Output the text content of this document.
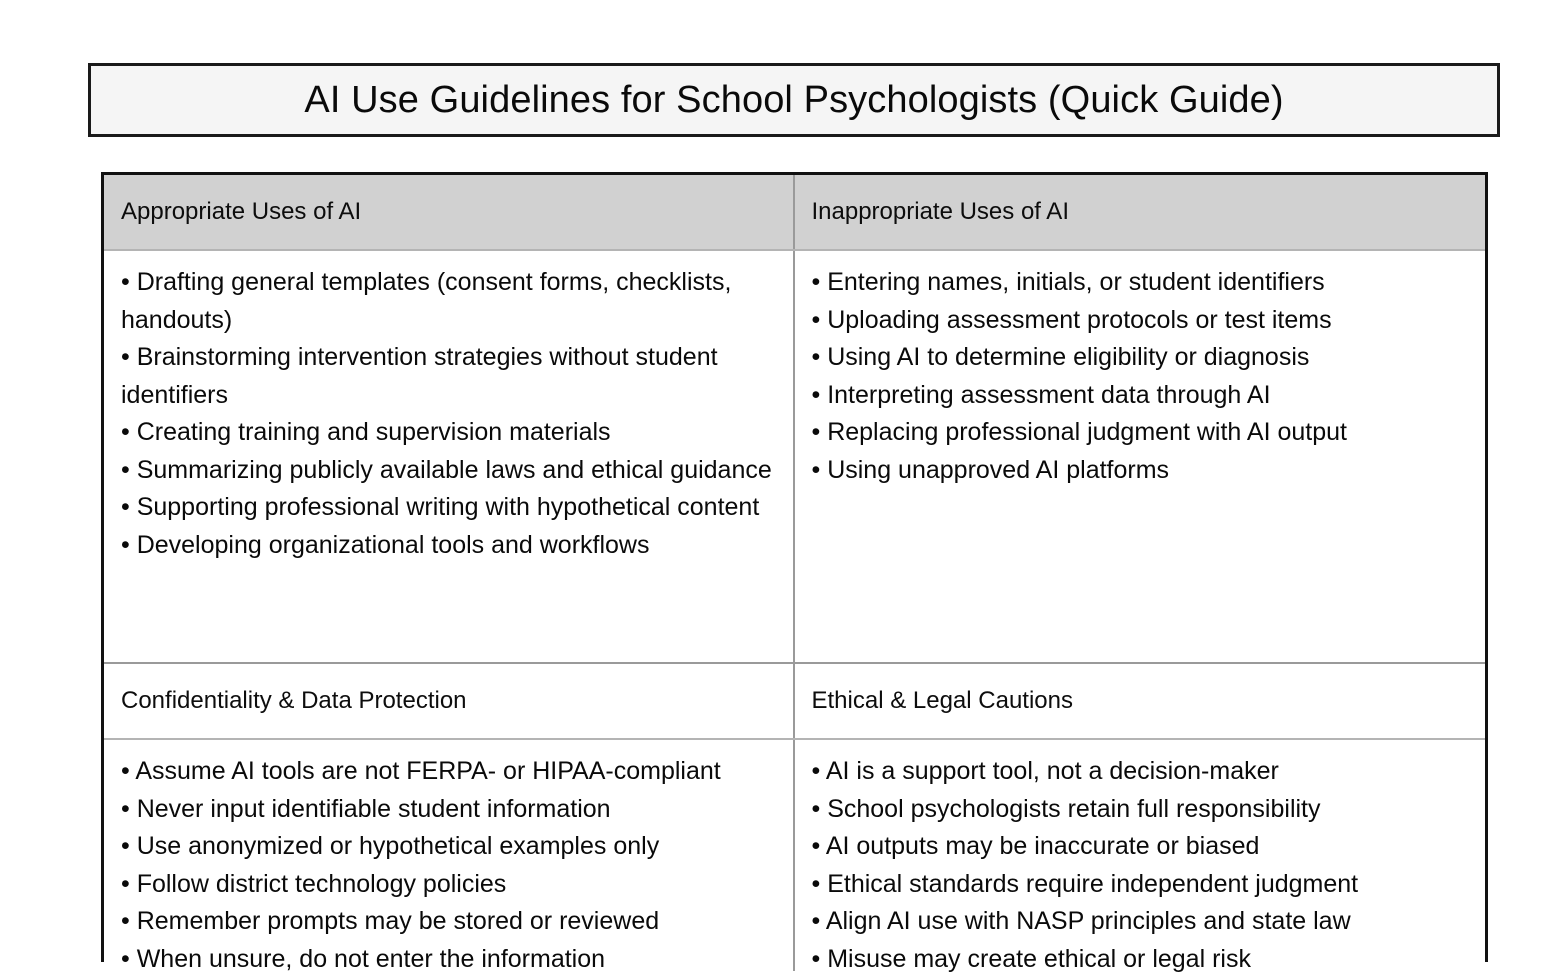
AI Use Guidelines for School Psychologists (Quick Guide)
Appropriate Uses of AI	Inappropriate Uses of AI
• Drafting general templates (consent forms, checklists, handouts)
• Brainstorming intervention strategies without student identifiers
• Creating training and supervision materials
• Summarizing publicly available laws and ethical guidance
• Supporting professional writing with hypothetical content
• Developing organizational tools and workflows
• Entering names, initials, or student identifiers
• Uploading assessment protocols or test items
• Using AI to determine eligibility or diagnosis
• Interpreting assessment data through AI
• Replacing professional judgment with AI output
• Using unapproved AI platforms
Confidentiality & Data Protection	Ethical & Legal Cautions
• Assume AI tools are not FERPA- or HIPAA-compliant
• Never input identifiable student information
• Use anonymized or hypothetical examples only
• Follow district technology policies
• Remember prompts may be stored or reviewed
• When unsure, do not enter the information
• AI is a support tool, not a decision-maker
• School psychologists retain full responsibility
• AI outputs may be inaccurate or biased
• Ethical standards require independent judgment
• Align AI use with NASP principles and state law
• Misuse may create ethical or legal risk
